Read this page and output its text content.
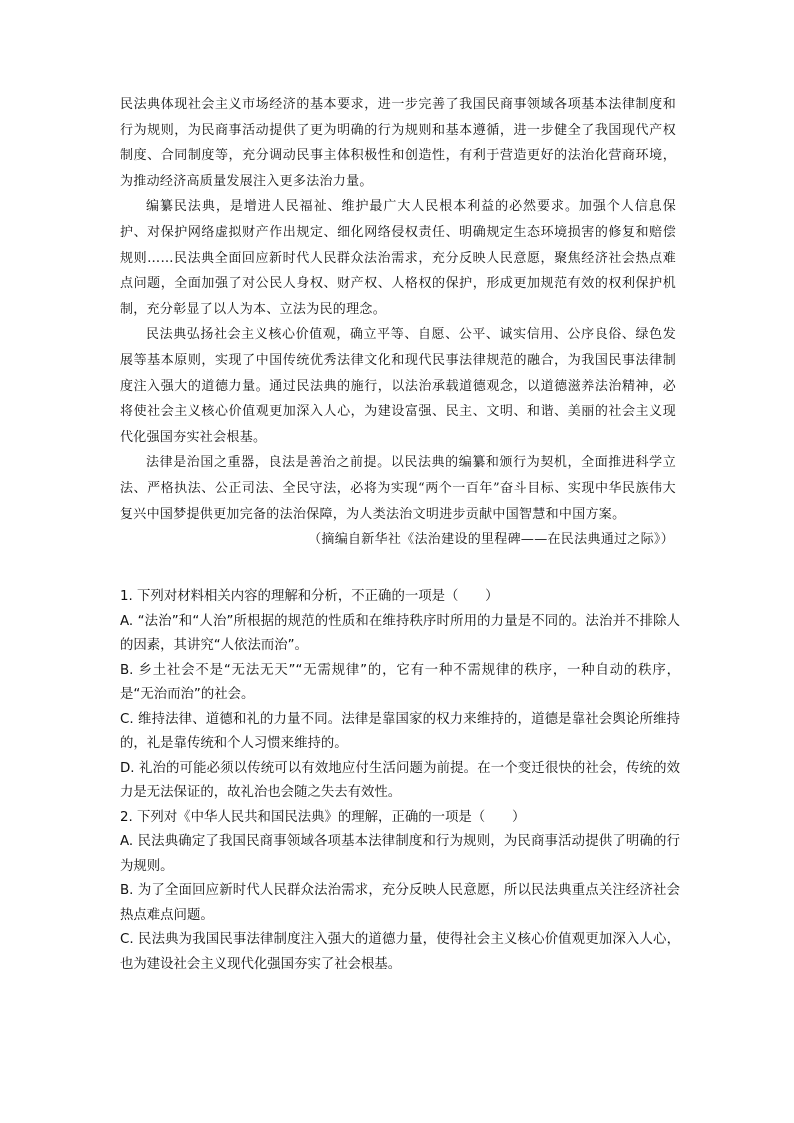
民法典体现社会主义市场经济的基本要求，进一步完善了我国民商事领域各项基本法律制度和行为规则，为民商事活动提供了更为明确的行为规则和基本遵循，进一步健全了我国现代产权制度、合同制度等，充分调动民事主体积极性和创造性，有利于营造更好的法治化营商环境，为推动经济高质量发展注入更多法治力量。

编纂民法典，是增进人民福祉、维护最广大人民根本利益的必然要求。加强个人信息保护、对保护网络虚拟财产作出规定、细化网络侵权责任、明确规定生态环境损害的修复和赔偿规则……民法典全面回应新时代人民群众法治需求，充分反映人民意愿，聚焦经济社会热点难点问题，全面加强了对公民人身权、财产权、人格权的保护，形成更加规范有效的权利保护机制，充分彰显了以人为本、立法为民的理念。

民法典弘扬社会主义核心价值观，确立平等、自愿、公平、诚实信用、公序良俗、绿色发展等基本原则，实现了中国传统优秀法律文化和现代民事法律规范的融合，为我国民事法律制度注入强大的道德力量。通过民法典的施行，以法治承载道德观念，以道德滋养法治精神，必将使社会主义核心价值观更加深入人心，为建设富强、民主、文明、和谐、美丽的社会主义现代化强国夯实社会根基。

法律是治国之重器，良法是善治之前提。以民法典的编纂和颁行为契机，全面推进科学立法、严格执法、公正司法、全民守法，必将为实现“两个一百年”奋斗目标、实现中华民族伟大复兴中国梦提供更加完备的法治保障，为人类法治文明进步贡献中国智慧和中国方案。

（摘编自新华社《法治建设的里程碑——在民法典通过之际》）

1. 下列对材料相关内容的理解和分析，不正确的一项是（　　）

A. “法治”和“人治”所根据的规范的性质和在维持秩序时所用的力量是不同的。法治并不排除人的因素，其讲究“人依法而治”。

B. 乡土社会不是“无法无天”“无需规律”的，它有一种不需规律的秩序，一种自动的秩序，是“无治而治”的社会。

C. 维持法律、道德和礼的力量不同。法律是靠国家的权力来维持的，道德是靠社会舆论所维持的，礼是靠传统和个人习惯来维持的。

D. 礼治的可能必须以传统可以有效地应付生活问题为前提。在一个变迁很快的社会，传统的效力是无法保证的，故礼治也会随之失去有效性。

2. 下列对《中华人民共和国民法典》的理解，正确的一项是（　　）

A. 民法典确定了我国民商事领域各项基本法律制度和行为规则，为民商事活动提供了明确的行为规则。

B. 为了全面回应新时代人民群众法治需求，充分反映人民意愿，所以民法典重点关注经济社会热点难点问题。

C. 民法典为我国民事法律制度注入强大的道德力量，使得社会主义核心价值观更加深入人心，也为建设社会主义现代化强国夯实了社会根基。
